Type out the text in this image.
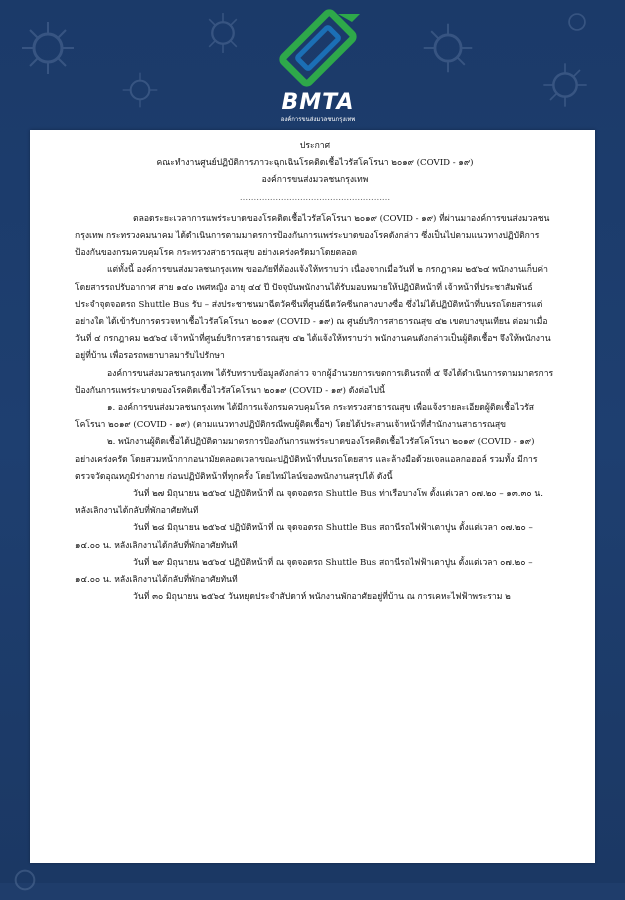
BMTA
องค์การขนส่งมวลชนกรุงเทพ

ประกาศ

คณะทำงานศูนย์ปฏิบัติการภาวะฉุกเฉินโรคติดเชื้อไวรัสโคโรนา ๒๐๑๙ (COVID - ๑๙)

องค์การขนส่งมวลชนกรุงเทพ

.......................................................

ตลอดระยะเวลาการแพร่ระบาดของโรคติดเชื้อไวรัสโคโรนา ๒๐๑๙ (COVID - ๑๙) ที่ผ่านมาองค์การขนส่งมวลชนกรุงเทพ กระทรวงคมนาคม ได้ดำเนินการตามมาตรการป้องกันการแพร่ระบาดของโรคดังกล่าว ซึ่งเป็นไปตามแนวทางปฏิบัติการป้องกันของกรมควบคุมโรค กระทรวงสาธารณสุข อย่างเคร่งครัดมาโดยตลอด

แต่ทั้งนี้ องค์การขนส่งมวลชนกรุงเทพ ขออภัยที่ต้องแจ้งให้ทราบว่า เนื่องจากเมื่อวันที่ ๒ กรกฎาคม ๒๕๖๔ พนักงานเก็บค่าโดยสารรถปรับอากาศ สาย ๑๔๐ เพศหญิง อายุ ๔๔ ปี ปัจจุบันพนักงานได้รับมอบหมายให้ปฏิบัติหน้าที่ เจ้าหน้าที่ประชาสัมพันธ์ประจำจุดจอดรถ Shuttle Bus รับ – ส่งประชาชนมาฉีดวัคซีนที่ศูนย์ฉีดวัคซีนกลางบางซื่อ ซึ่งไม่ได้ปฏิบัติหน้าที่บนรถโดยสารแต่อย่างใด ได้เข้ารับการตรวจหาเชื้อไวรัสโคโรนา ๒๐๑๙ (COVID - ๑๙) ณ ศูนย์บริการสาธารณสุข ๔๒ เขตบางขุนเทียน ต่อมาเมื่อวันที่ ๔ กรกฎาคม ๒๕๖๔ เจ้าหน้าที่ศูนย์บริการสาธารณสุข ๔๒ ได้แจ้งให้ทราบว่า พนักงานคนดังกล่าวเป็นผู้ติดเชื้อฯ จึงให้พนักงานอยู่ที่บ้าน เพื่อรอรถพยาบาลมารับไปรักษา

องค์การขนส่งมวลชนกรุงเทพ ได้รับทราบข้อมูลดังกล่าว จากผู้อำนวยการเขตการเดินรถที่ ๕ จึงได้ดำเนินการตามมาตรการป้องกันการแพร่ระบาดของโรคติดเชื้อไวรัสโคโรนา ๒๐๑๙ (COVID - ๑๙) ดังต่อไปนี้

๑. องค์การขนส่งมวลชนกรุงเทพ ได้มีการแจ้งกรมควบคุมโรค กระทรวงสาธารณสุข เพื่อแจ้งรายละเอียดผู้ติดเชื้อไวรัสโคโรนา ๒๐๑๙ (COVID - ๑๙) (ตามแนวทางปฏิบัติกรณีพบผู้ติดเชื้อฯ) โดยได้ประสานเจ้าหน้าที่สำนักงานสาธารณสุข

๒. พนักงานผู้ติดเชื้อได้ปฏิบัติตามมาตรการป้องกันการแพร่ระบาดของโรคติดเชื้อไวรัสโคโรนา ๒๐๑๙ (COVID - ๑๙) อย่างเคร่งครัด โดยสวมหน้ากากอนามัยตลอดเวลาขณะปฏิบัติหน้าที่บนรถโดยสาร และล้างมือด้วยเจลแอลกอฮอล์ รวมทั้ง มีการตรวจวัดอุณหภูมิร่างกาย ก่อนปฏิบัติหน้าที่ทุกครั้ง โดยไทม์ไลน์ของพนักงานสรุปได้ ดังนี้

วันที่ ๒๗ มิถุนายน ๒๕๖๔ ปฏิบัติหน้าที่ ณ จุดจอดรถ Shuttle Bus ท่าเรือบางโพ ตั้งแต่เวลา ๐๗.๒๐ – ๑๓.๓๐ น. หลังเลิกงานได้กลับที่พักอาศัยทันที

วันที่ ๒๘ มิถุนายน ๒๕๖๔ ปฏิบัติหน้าที่ ณ จุดจอดรถ Shuttle Bus สถานีรถไฟฟ้าเตาปูน ตั้งแต่เวลา ๐๗.๒๐ – ๑๔.๐๐ น. หลังเลิกงานได้กลับที่พักอาศัยทันที

วันที่ ๒๙ มิถุนายน ๒๕๖๔ ปฏิบัติหน้าที่ ณ จุดจอดรถ Shuttle Bus สถานีรถไฟฟ้าเตาปูน ตั้งแต่เวลา ๐๗.๒๐ – ๑๔.๐๐ น. หลังเลิกงานได้กลับที่พักอาศัยทันที

วันที่ ๓๐ มิถุนายน ๒๕๖๔ วันหยุดประจำสัปดาห์ พนักงานพักอาศัยอยู่ที่บ้าน ณ การเคหะไฟฟ้าพระราม ๒
